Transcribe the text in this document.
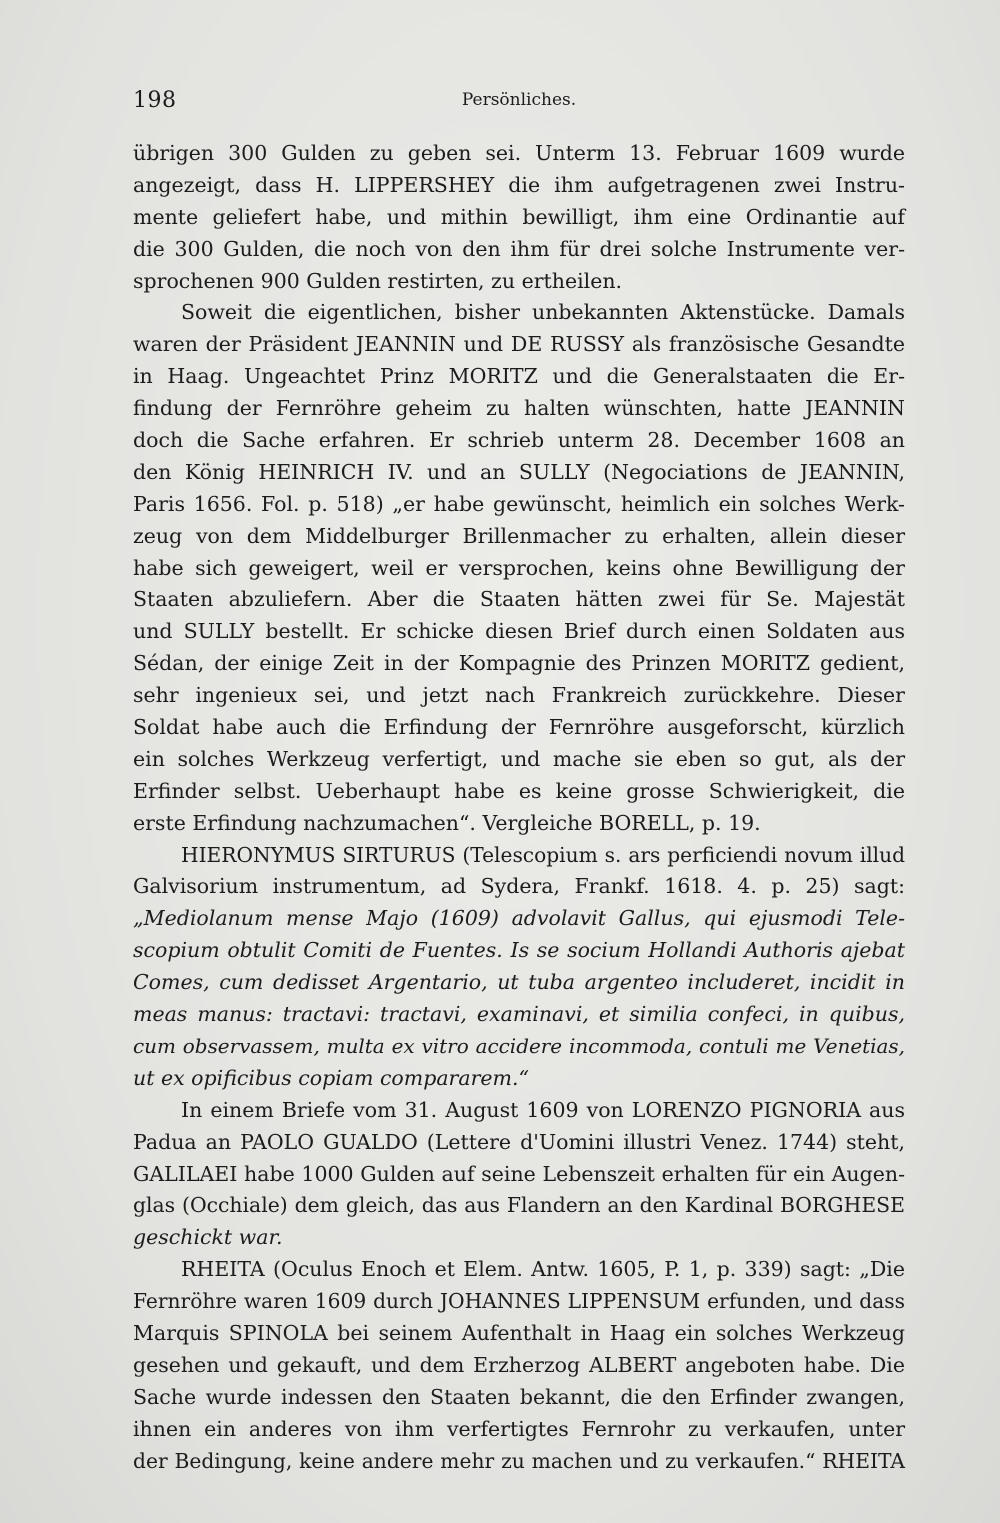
198	Persönliches.
übrigen 300 Gulden zu geben sei. Unterm 13. Februar 1609 wurde
angezeigt, dass H. LIPPERSHEY die ihm aufgetragenen zwei Instru-
mente geliefert habe, und mithin bewilligt, ihm eine Ordinantie auf
die 300 Gulden, die noch von den ihm für drei solche Instrumente ver-
sprochenen 900 Gulden restirten, zu ertheilen.
Soweit die eigentlichen, bisher unbekannten Aktenstücke. Damals
waren der Präsident JEANNIN und DE RUSSY als französische Gesandte
in Haag. Ungeachtet Prinz MORITZ und die Generalstaaten die Er-
findung der Fernröhre geheim zu halten wünschten, hatte JEANNIN
doch die Sache erfahren. Er schrieb unterm 28. December 1608 an
den König HEINRICH IV. und an SULLY (Negociations de JEANNIN,
Paris 1656. Fol. p. 518) „er habe gewünscht, heimlich ein solches Werk-
zeug von dem Middelburger Brillenmacher zu erhalten, allein dieser
habe sich geweigert, weil er versprochen, keins ohne Bewilligung der
Staaten abzuliefern. Aber die Staaten hätten zwei für Se. Majestät
und SULLY bestellt. Er schicke diesen Brief durch einen Soldaten aus
Sédan, der einige Zeit in der Kompagnie des Prinzen MORITZ gedient,
sehr ingenieux sei, und jetzt nach Frankreich zurückkehre. Dieser
Soldat habe auch die Erfindung der Fernröhre ausgeforscht, kürzlich
ein solches Werkzeug verfertigt, und mache sie eben so gut, als der
Erfinder selbst. Ueberhaupt habe es keine grosse Schwierigkeit, die
erste Erfindung nachzumachen“. Vergleiche BORELL, p. 19.
HIERONYMUS SIRTURUS (Telescopium s. ars perficiendi novum illud
Galvisorium instrumentum, ad Sydera, Frankf. 1618. 4. p. 25) sagt:
„Mediolanum mense Majo (1609) advolavit Gallus, qui ejusmodi Tele-
scopium obtulit Comiti de Fuentes. Is se socium Hollandi Authoris ajebat
Comes, cum dedisset Argentario, ut tuba argenteo includeret, incidit in
meas manus: tractavi: tractavi, examinavi, et similia confeci, in quibus,
cum observassem, multa ex vitro accidere incommoda, contuli me Venetias,
ut ex opificibus copiam compararem.“
In einem Briefe vom 31. August 1609 von LORENZO PIGNORIA aus
Padua an PAOLO GUALDO (Lettere d'Uomini illustri Venez. 1744) steht,
GALILAEI habe 1000 Gulden auf seine Lebenszeit erhalten für ein Augen-
glas (Occhiale) dem gleich, das aus Flandern an den Kardinal BORGHESE
geschickt war.
RHEITA (Oculus Enoch et Elem. Antw. 1605, P. 1, p. 339) sagt: „Die
Fernröhre waren 1609 durch JOHANNES LIPPENSUM erfunden, und dass
Marquis SPINOLA bei seinem Aufenthalt in Haag ein solches Werkzeug
gesehen und gekauft, und dem Erzherzog ALBERT angeboten habe. Die
Sache wurde indessen den Staaten bekannt, die den Erfinder zwangen,
ihnen ein anderes von ihm verfertigtes Fernrohr zu verkaufen, unter
der Bedingung, keine andere mehr zu machen und zu verkaufen.“ RHEITA
